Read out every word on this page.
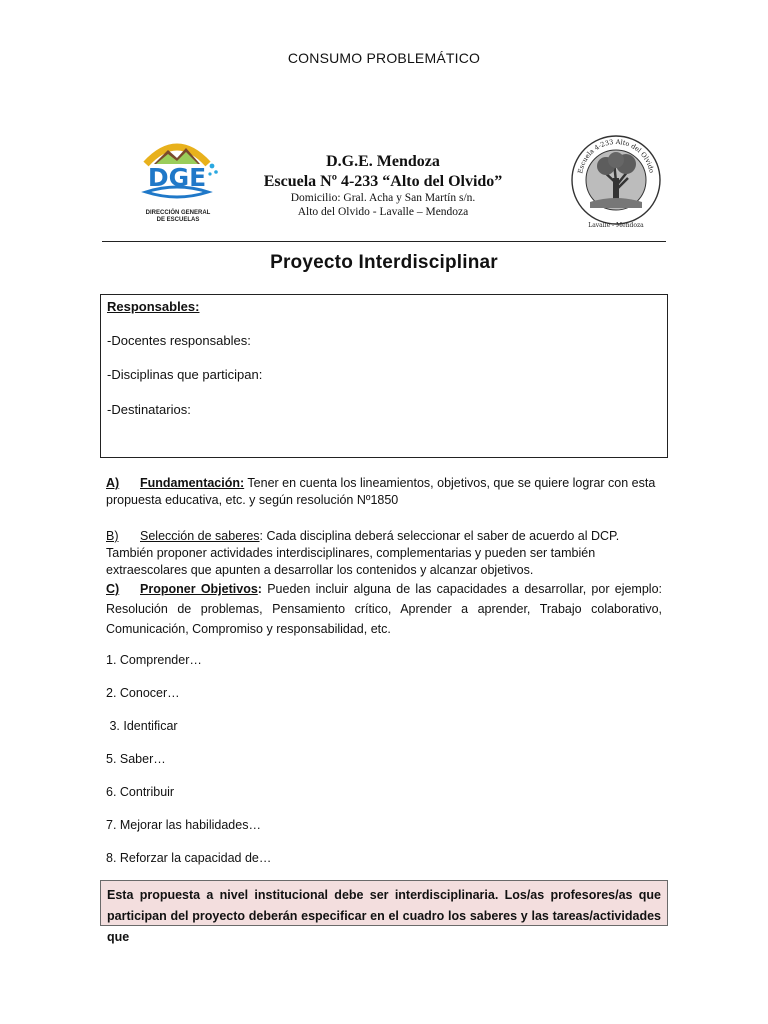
CONSUMO PROBLEMÁTICO
DGE
DIRECCIÓN GENERAL
DE ESCUELAS
D.G.E. Mendoza
Escuela Nº 4-233 “Alto del Olvido”
Domicilio: Gral. Acha y San Martín s/n.
Alto del Olvido - Lavalle – Mendoza
Escuela 4-233 Alto del Olvido
Lavalle - Mendoza
Proyecto Interdisciplinar
Responsables:
-Docentes responsables:
-Disciplinas que participan:
-Destinatarios:
A) Fundamentación: Tener en cuenta los lineamientos, objetivos, que se quiere lograr con esta propuesta educativa, etc. y según resolución Nº1850
B) Selección de saberes: Cada disciplina deberá seleccionar el saber de acuerdo al DCP. También proponer actividades interdisciplinares, complementarias y pueden ser también extraescolares que apunten a desarrollar los contenidos y alcanzar objetivos.
C) Proponer Objetivos: Pueden incluir alguna de las capacidades a desarrollar, por ejemplo: Resolución de problemas, Pensamiento crítico, Aprender a aprender, Trabajo colaborativo, Comunicación, Compromiso y responsabilidad, etc.
1. Comprender…
2. Conocer…
3. Identificar
5. Saber…
6. Contribuir
7. Mejorar las habilidades…
8. Reforzar la capacidad de…
Esta propuesta a nivel institucional debe ser interdisciplinaria. Los/as profesores/as que participan del proyecto deberán especificar en el cuadro los saberes y las tareas/actividades que
